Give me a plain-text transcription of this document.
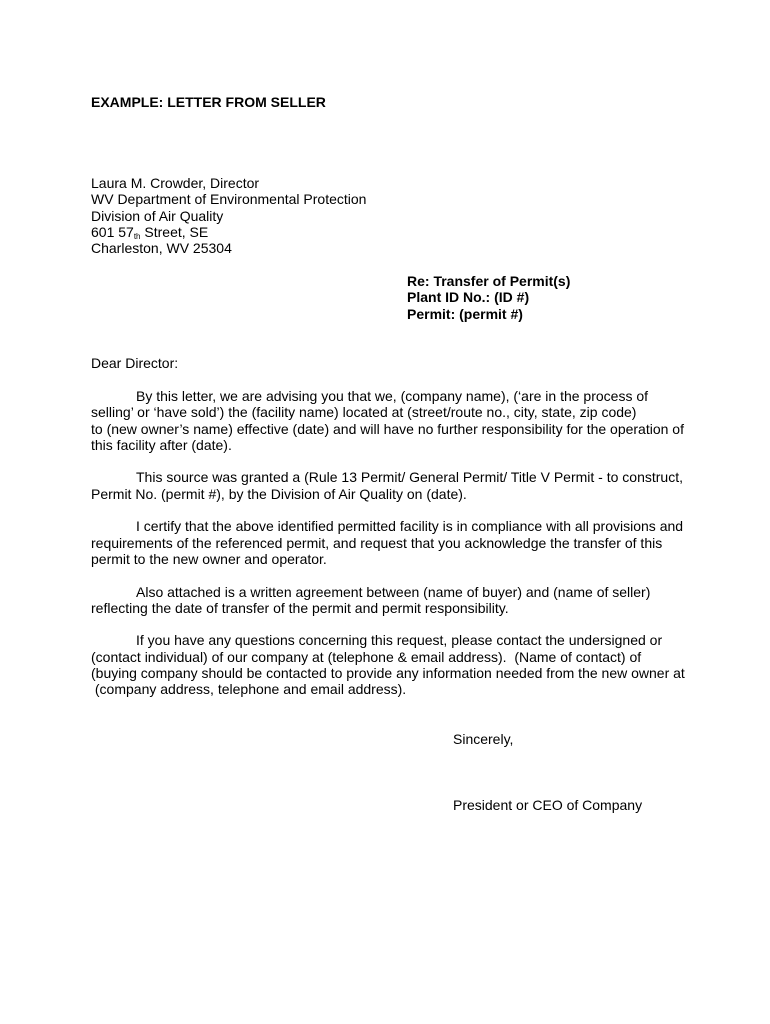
EXAMPLE: LETTER FROM SELLER
Laura M. Crowder, Director
WV Department of Environmental Protection
Division of Air Quality
601 $57_{th}$ Street, SE
Charleston, WV 25304
Re: Transfer of Permit(s)
Plant ID No.: (ID #)
Permit: (permit #)
Dear Director:

By this letter, we are advising you that we, (company name), (‘are in the process of
selling’ or ‘have sold’) the (facility name) located at (street/route no., city, state, zip code)
to (new owner’s name) effective (date) and will have no further responsibility for the operation of
this facility after (date).

This source was granted a (Rule 13 Permit/ General Permit/ Title V Permit - to construct,
Permit No. (permit #), by the Division of Air Quality on (date).

I certify that the above identified permitted facility is in compliance with all provisions and
requirements of the referenced permit, and request that you acknowledge the transfer of this
permit to the new owner and operator.

Also attached is a written agreement between (name of buyer) and (name of seller)
reflecting the date of transfer of the permit and permit responsibility.

If you have any questions concerning this request, please contact the undersigned or
(contact individual) of our company at (telephone & email address).  (Name of contact) of
(buying company should be contacted to provide any information needed from the new owner at
(company address, telephone and email address).

Sincerely,
President or CEO of Company
